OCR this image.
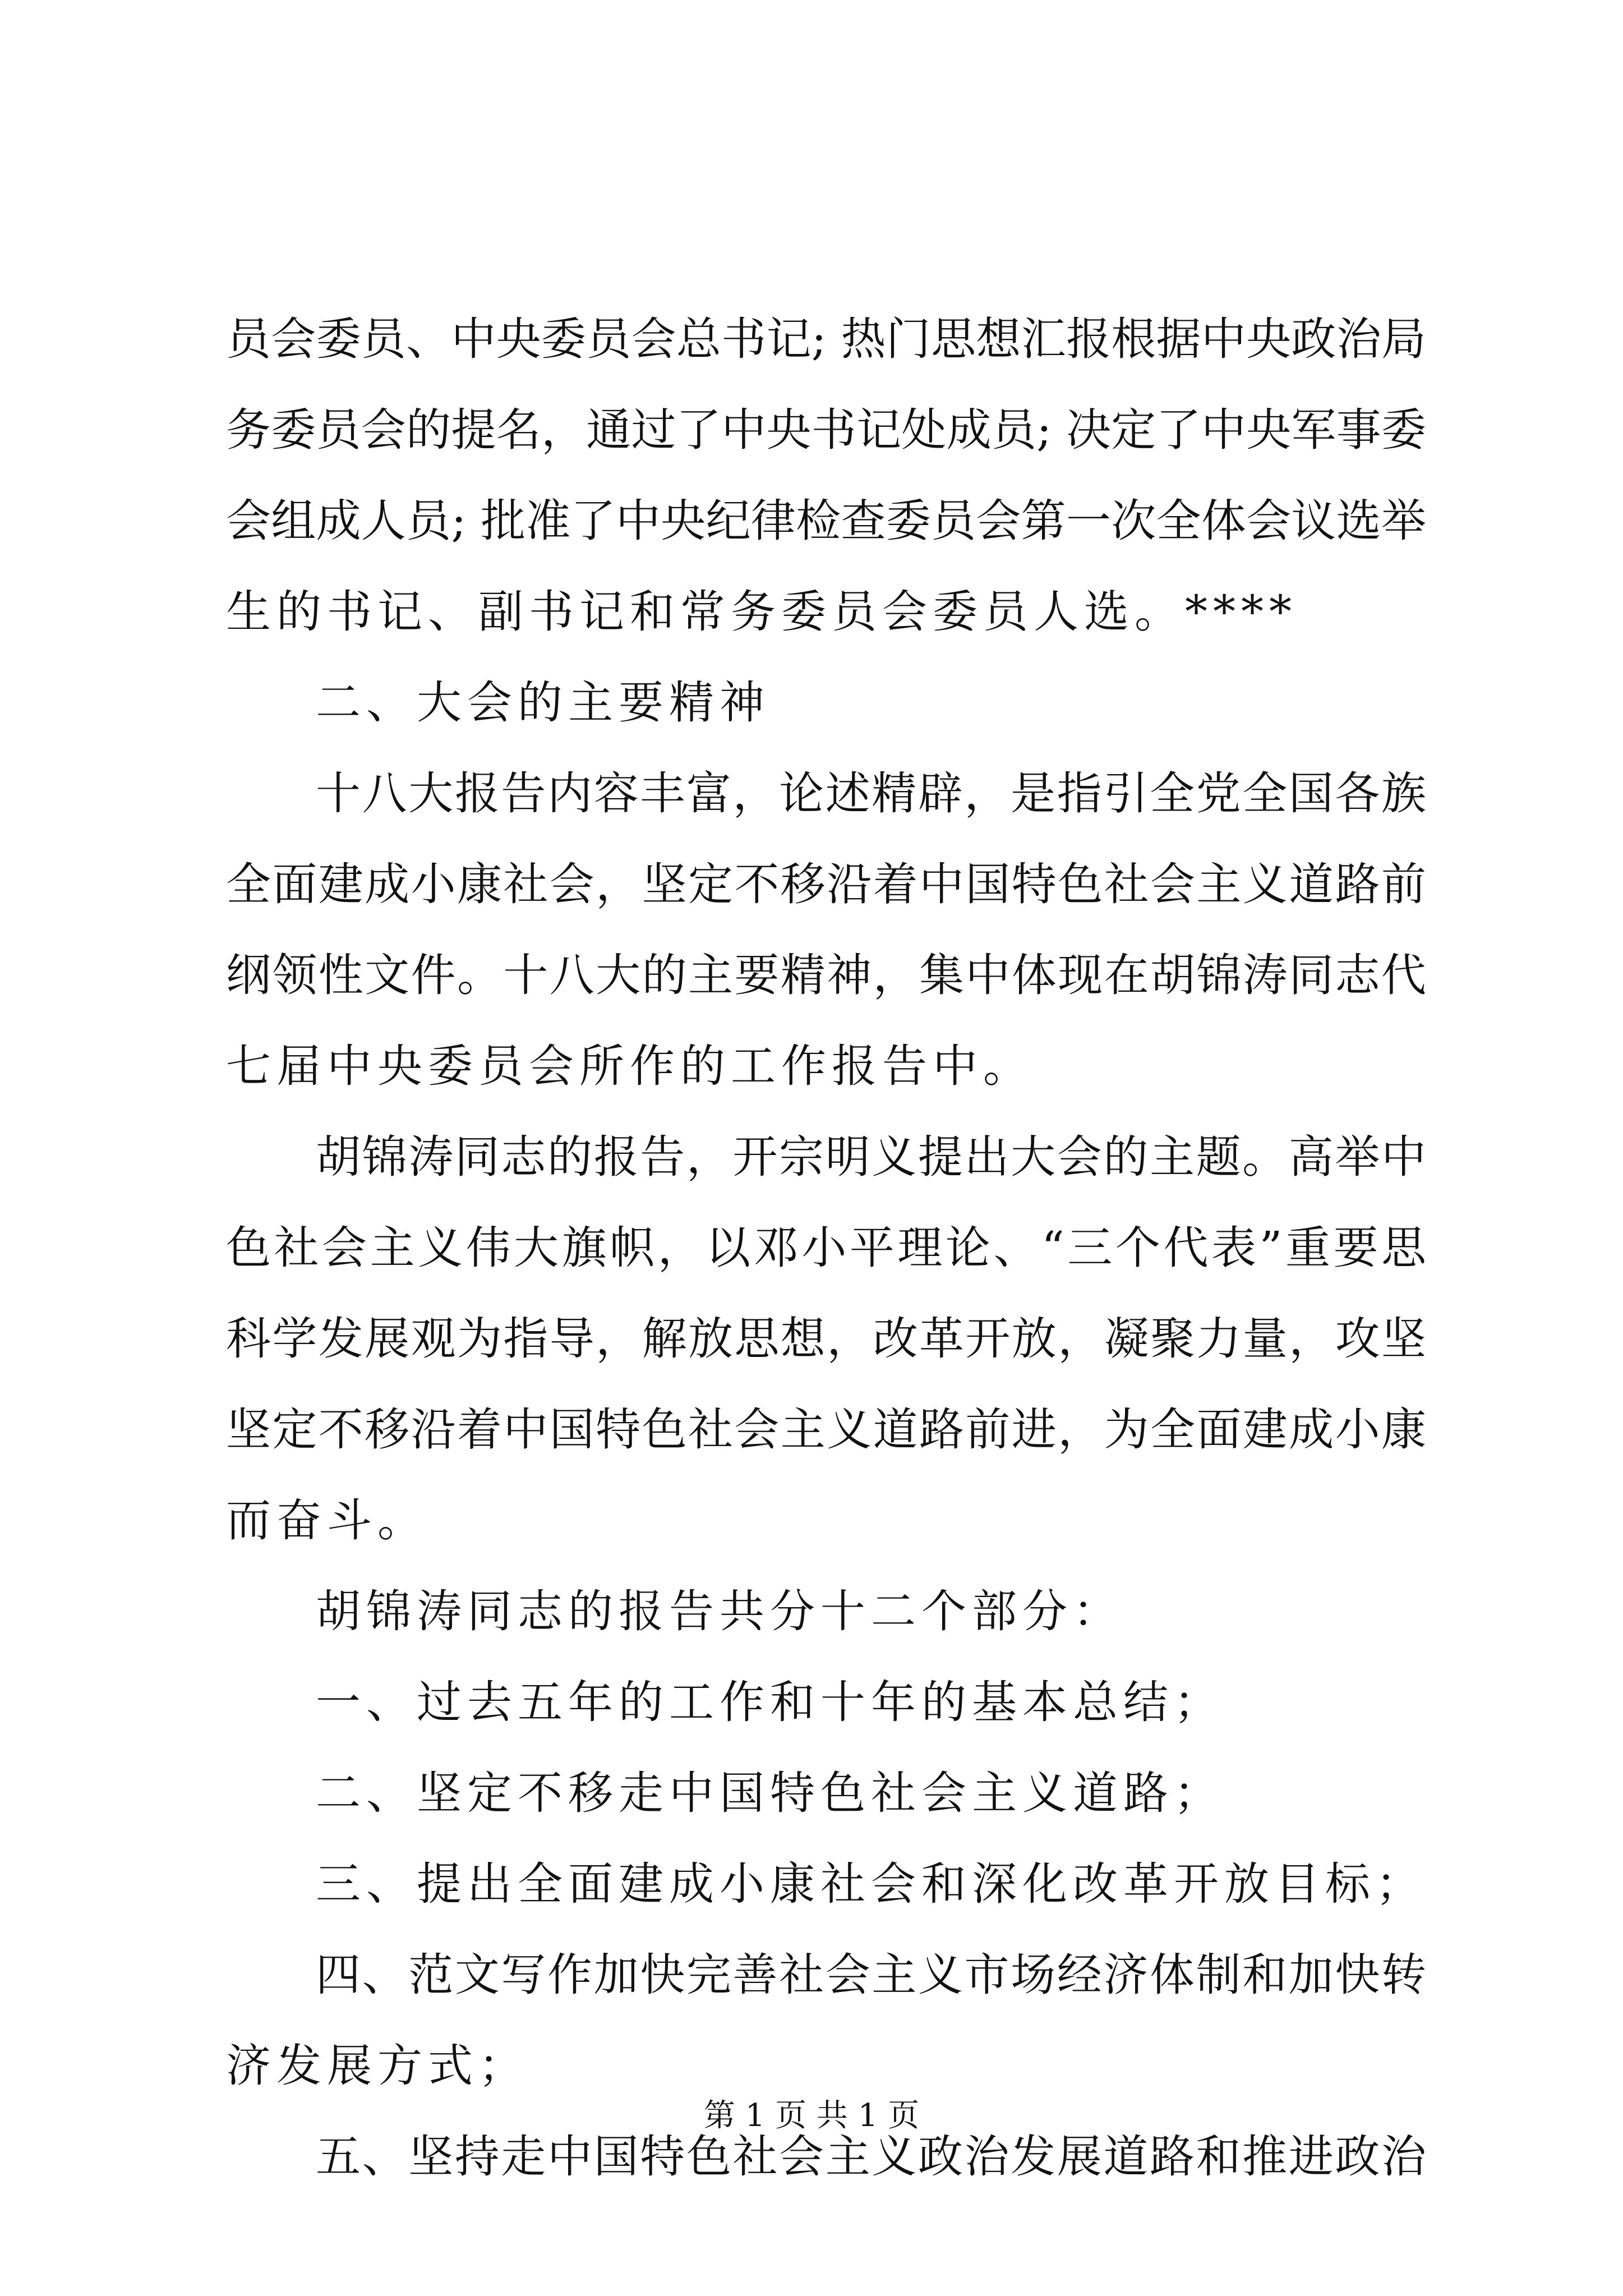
员会委员、中央委员会总书记; 热门思想汇报根据中央政治局
务委员会的提名，通过了中央书记处成员; 决定了中央军事委
会组成人员; 批准了中央纪律检查委员会第一次全体会议选举
生的书记、副书记和常务委员会委员人选。****
二、大会的主要精神
十八大报告内容丰富，论述精辟，是指引全党全国各族
全面建成小康社会，坚定不移沿着中国特色社会主义道路前
纲领性文件。十八大的主要精神，集中体现在胡锦涛同志代
七届中央委员会所作的工作报告中。
胡锦涛同志的报告，开宗明义提出大会的主题。高举中
色社会主义伟大旗帜，以邓小平理论、“三个代表”重要思
科学发展观为指导，解放思想，改革开放，凝聚力量，攻坚
坚定不移沿着中国特色社会主义道路前进，为全面建成小康
而奋斗。
胡锦涛同志的报告共分十二个部分：
一、过去五年的工作和十年的基本总结；
二、坚定不移走中国特色社会主义道路；
三、提出全面建成小康社会和深化改革开放目标；
四、范文写作加快完善社会主义市场经济体制和加快转
济发展方式；
五、坚持走中国特色社会主义政治发展道路和推进政治
第 1 页 共 1 页
